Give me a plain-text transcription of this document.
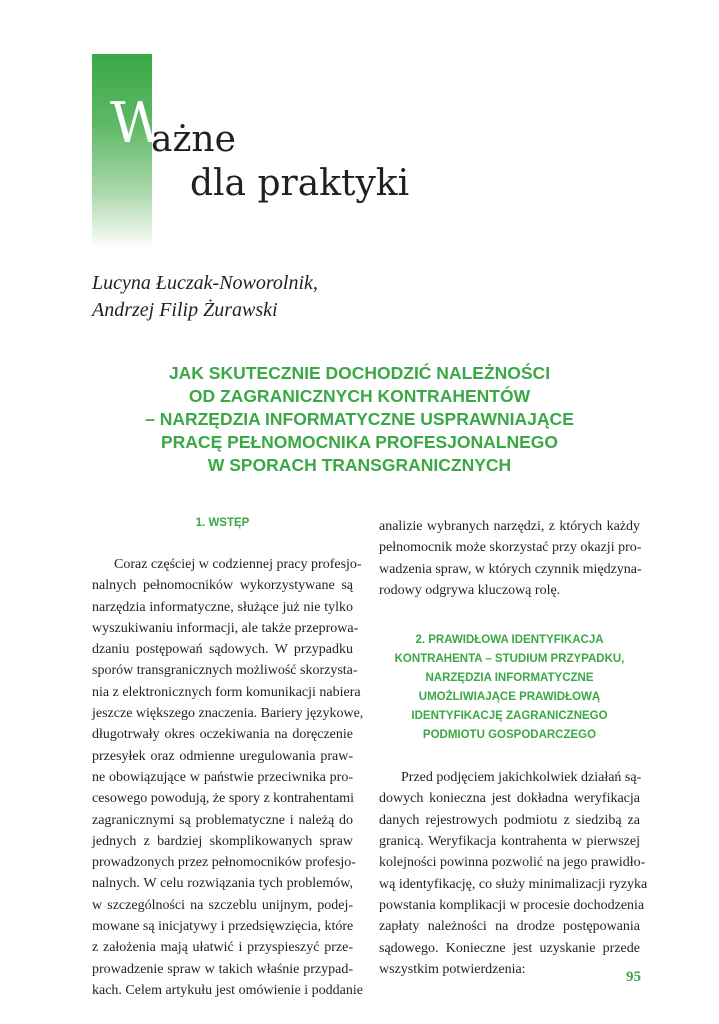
W
ażne
dla praktyki
Lucyna Łuczak-Noworolnik,
Andrzej Filip Żurawski
JAK SKUTECZNIE DOCHODZIĆ NALEŻNOŚCI
OD ZAGRANICZNYCH KONTRAHENTÓW
– NARZĘDZIA INFORMATYCZNE USPRAWNIAJĄCE
PRACĘ PEŁNOMOCNIKA PROFESJONALNEGO
W SPORACH TRANSGRANICZNYCH
1. WSTĘP
Coraz częściej w codziennej pracy profesjo-
nalnych pełnomocników wykorzystywane są
narzędzia informatyczne, służące już nie tylko
wyszukiwaniu informacji, ale także przeprowa-
dzaniu postępowań sądowych. W przypadku
sporów transgranicznych możliwość skorzysta-
nia z elektronicznych form komunikacji nabiera
jeszcze większego znaczenia. Bariery językowe,
długotrwały okres oczekiwania na doręczenie
przesyłek oraz odmienne uregulowania praw-
ne obowiązujące w państwie przeciwnika pro-
cesowego powodują, że spory z kontrahentami
zagranicznymi są problematyczne i należą do
jednych z bardziej skomplikowanych spraw
prowadzonych przez pełnomocników profesjo-
nalnych. W celu rozwiązania tych problemów,
w szczególności na szczeblu unijnym, podej-
mowane są inicjatywy i przedsięwzięcia, które
z założenia mają ułatwić i przyspieszyć prze-
prowadzenie spraw w takich właśnie przypad-
kach. Celem artykułu jest omówienie i poddanie
analizie wybranych narzędzi, z których każdy
pełnomocnik może skorzystać przy okazji pro-
wadzenia spraw, w których czynnik międzyna-
rodowy odgrywa kluczową rolę.
2. PRAWIDŁOWA IDENTYFIKACJA
KONTRAHENTA – STUDIUM PRZYPADKU,
NARZĘDZIA INFORMATYCZNE
UMOŻLIWIAJĄCE PRAWIDŁOWĄ
IDENTYFIKACJĘ ZAGRANICZNEGO
PODMIOTU GOSPODARCZEGO
Przed podjęciem jakichkolwiek działań są-
dowych konieczna jest dokładna weryfikacja
danych rejestrowych podmiotu z siedzibą za
granicą. Weryfikacja kontrahenta w pierwszej
kolejności powinna pozwolić na jego prawidło-
wą identyfikację, co służy minimalizacji ryzyka
powstania komplikacji w procesie dochodzenia
zapłaty należności na drodze postępowania
sądowego. Konieczne jest uzyskanie przede
wszystkim potwierdzenia:	95
